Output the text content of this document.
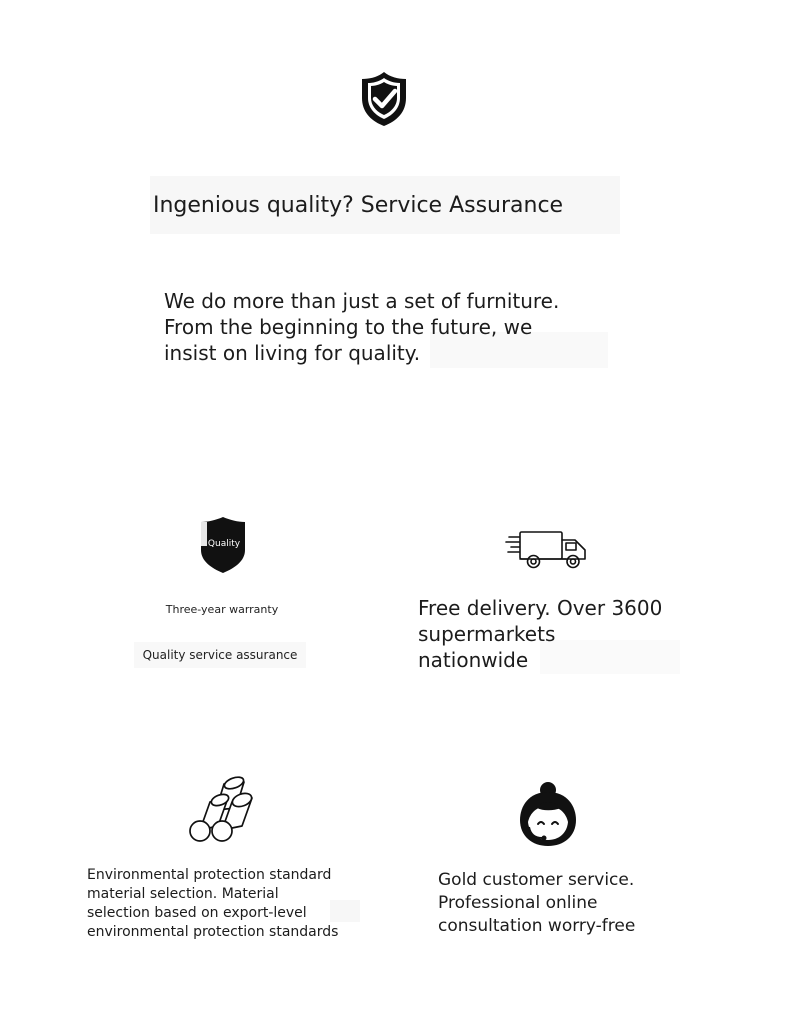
Ingenious quality? Service Assurance
We do more than just a set of furniture.
From the beginning to the future, we
insist on living for quality.
Quality
Three-year warranty
Quality service assurance
Free delivery. Over 3600
supermarkets
nationwide
Environmental protection standard
material selection. Material
selection based on export-level
environmental protection standards
Gold customer service.
Professional online
consultation worry-free
